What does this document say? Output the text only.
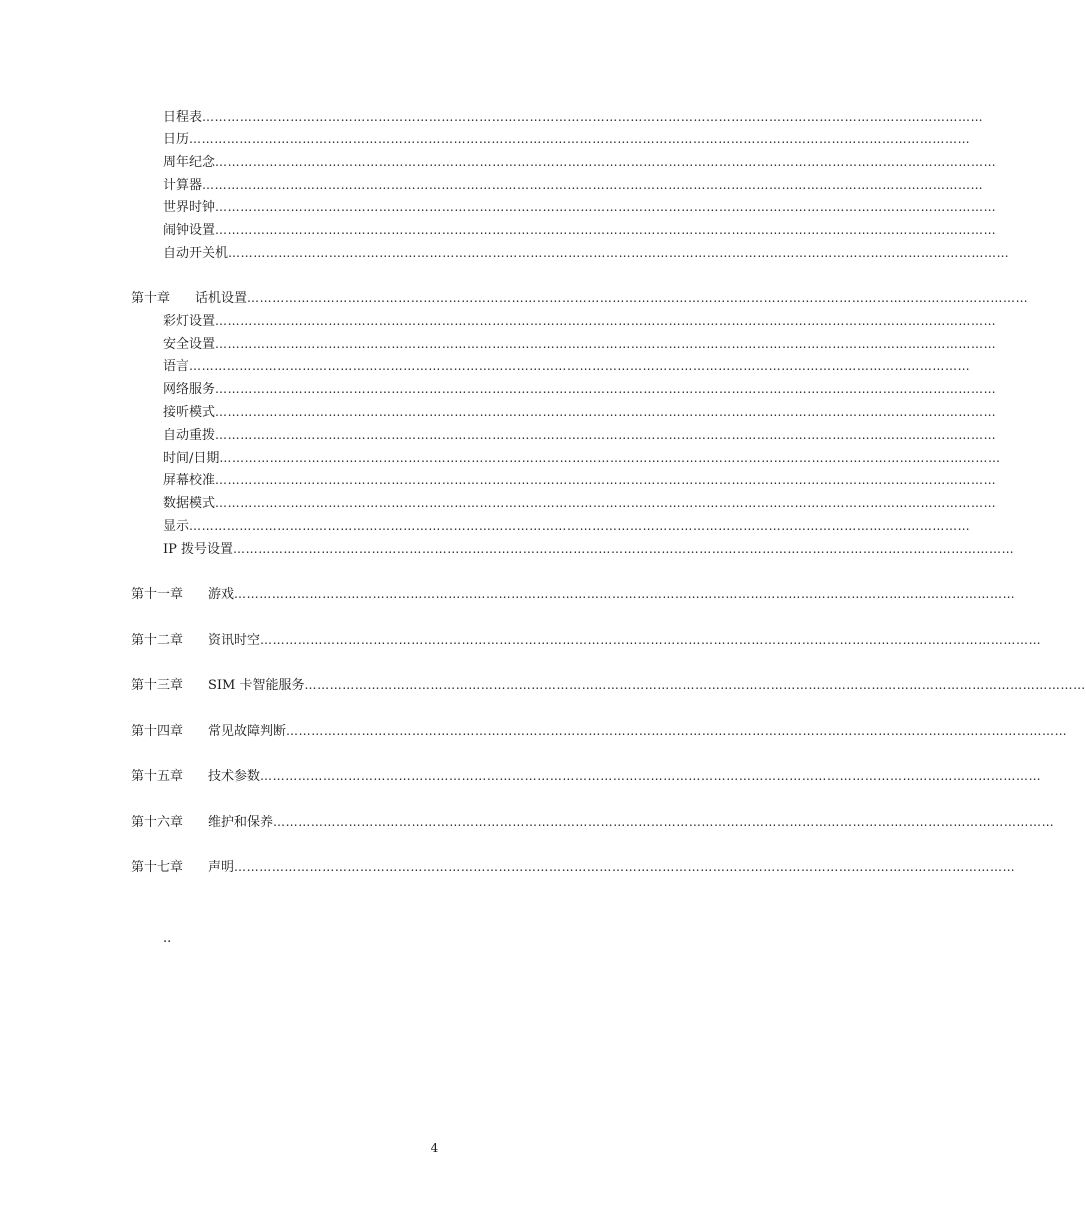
日程表 ……………………………………………………………………………………………………………………………………………………………………
日历 ……………………………………………………………………………………………………………………………………………………………………
周年纪念 ……………………………………………………………………………………………………………………………………………………………………
计算器 ……………………………………………………………………………………………………………………………………………………………………
世界时钟 ……………………………………………………………………………………………………………………………………………………………………
闹钟设置 ……………………………………………………………………………………………………………………………………………………………………
自动开关机 ……………………………………………………………………………………………………………………………………………………………………
第十章	话机设置 ……………………………………………………………………………………………………………………………………………………………………
彩灯设置 ……………………………………………………………………………………………………………………………………………………………………
安全设置 ……………………………………………………………………………………………………………………………………………………………………
语言 ……………………………………………………………………………………………………………………………………………………………………
网络服务 ……………………………………………………………………………………………………………………………………………………………………
接听模式 ……………………………………………………………………………………………………………………………………………………………………
自动重拨 ……………………………………………………………………………………………………………………………………………………………………
时间/日期 ……………………………………………………………………………………………………………………………………………………………………
屏幕校准 ……………………………………………………………………………………………………………………………………………………………………
数据模式 ……………………………………………………………………………………………………………………………………………………………………
显示 ……………………………………………………………………………………………………………………………………………………………………
IP 拨号设置 ……………………………………………………………………………………………………………………………………………………………………
第十一章	游戏 ……………………………………………………………………………………………………………………………………………………………………
第十二章	资讯时空 ……………………………………………………………………………………………………………………………………………………………………
第十三章	SIM 卡智能服务 ……………………………………………………………………………………………………………………………………………………………………
第十四章	常见故障判断 ……………………………………………………………………………………………………………………………………………………………………
第十五章	技术参数 ……………………………………………………………………………………………………………………………………………………………………
第十六章	维护和保养 ……………………………………………………………………………………………………………………………………………………………………
第十七章	声明 ……………………………………………………………………………………………………………………………………………………………………
..
4
